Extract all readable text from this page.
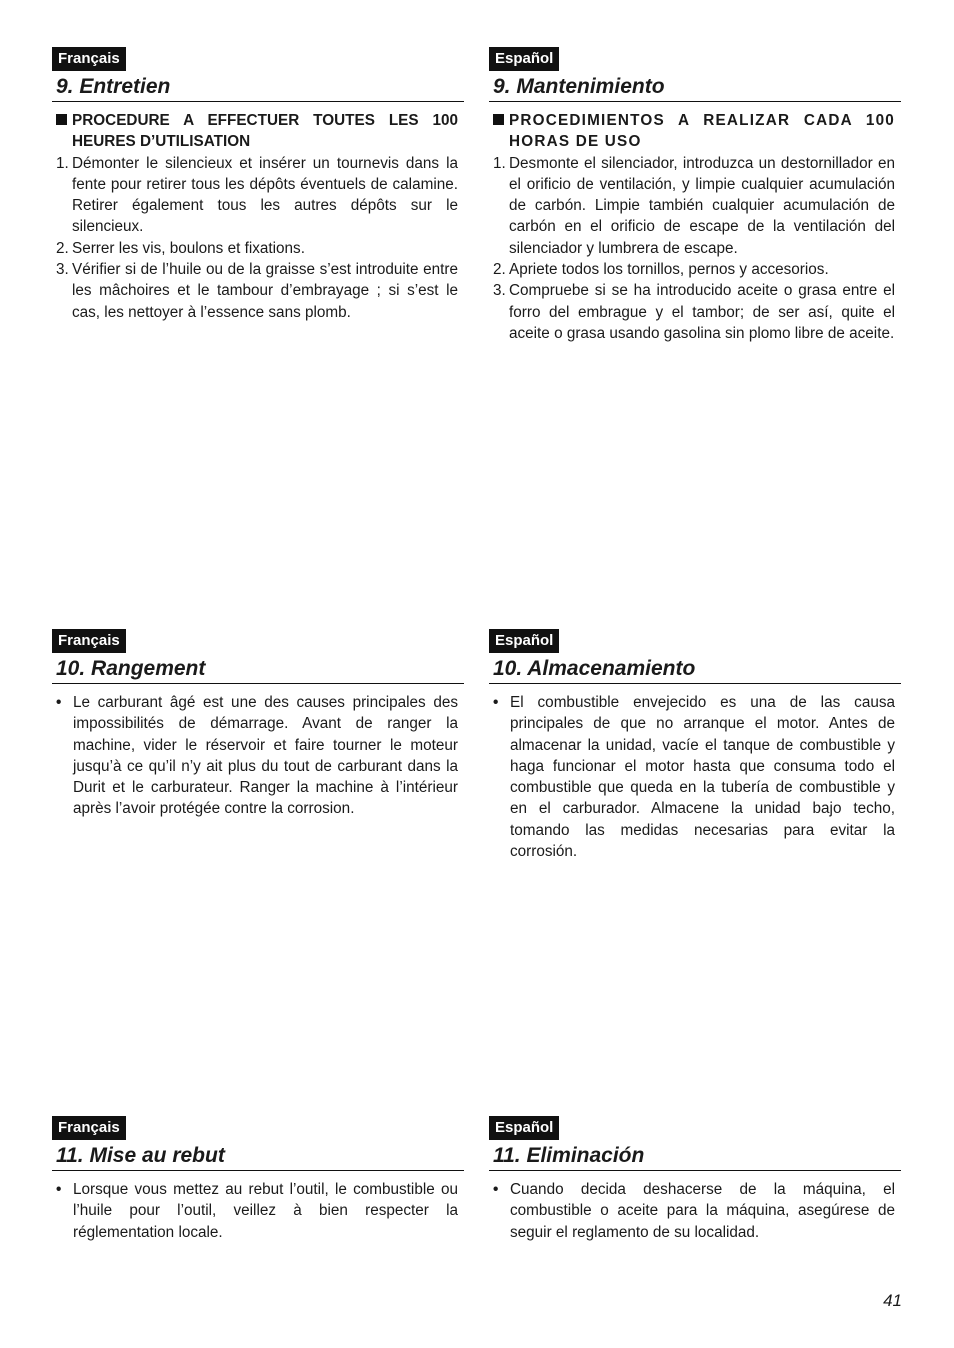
Français
9. Entretien
PROCEDURE A EFFECTUER TOUTES LES 100 HEURES D’UTILISATION
1. Démonter le silencieux et insérer un tournevis dans la fente pour retirer tous les dépôts éventuels de calamine. Retirer également tous les autres dépôts sur le silencieux.
2. Serrer les vis, boulons et fixations.
3. Vérifier si de l’huile ou de la graisse s’est introduite entre les mâchoires et le tambour d’embrayage ; si s’est le cas, les nettoyer à l’essence sans plomb.
Español
9. Mantenimiento
PROCEDIMIENTOS A REALIZAR CADA 100 HORAS DE USO
1. Desmonte el silenciador, introduzca un destornillador en el orificio de ventilación, y limpie cualquier acumulación de carbón. Limpie también cualquier acumulación de carbón en el orificio de escape de la ventilación del silenciador y lumbrera de escape.
2. Apriete todos los tornillos, pernos y accesorios.
3. Compruebe si se ha introducido aceite o grasa entre el forro del embrague y el tambor; de ser así, quite el aceite o grasa usando gasolina sin plomo libre de aceite.
Français
10. Rangement
• Le carburant âgé est une des causes principales des impossibilités de démarrage. Avant de ranger la machine, vider le réservoir et faire tourner le moteur jusqu’à ce qu’il n’y ait plus du tout de carburant dans la Durit et le carburateur. Ranger la machine à l’intérieur après l’avoir protégée contre la corrosion.
Español
10. Almacenamiento
• El combustible envejecido es una de las causa principales de que no arranque el motor. Antes de almacenar la unidad, vacíe el tanque de combustible y haga funcionar el motor hasta que consuma todo el combustible que queda en la tubería de combustible y en el carburador. Almacene la unidad bajo techo, tomando las medidas necesarias para evitar la corrosión.
Français
11. Mise au rebut
• Lorsque vous mettez au rebut l’outil, le combustible ou l’huile pour l’outil, veillez à bien respecter la réglementation locale.
Español
11. Eliminación
• Cuando decida deshacerse de la máquina, el combustible o aceite para la máquina, asegúrese de seguir el reglamento de su localidad.
41
